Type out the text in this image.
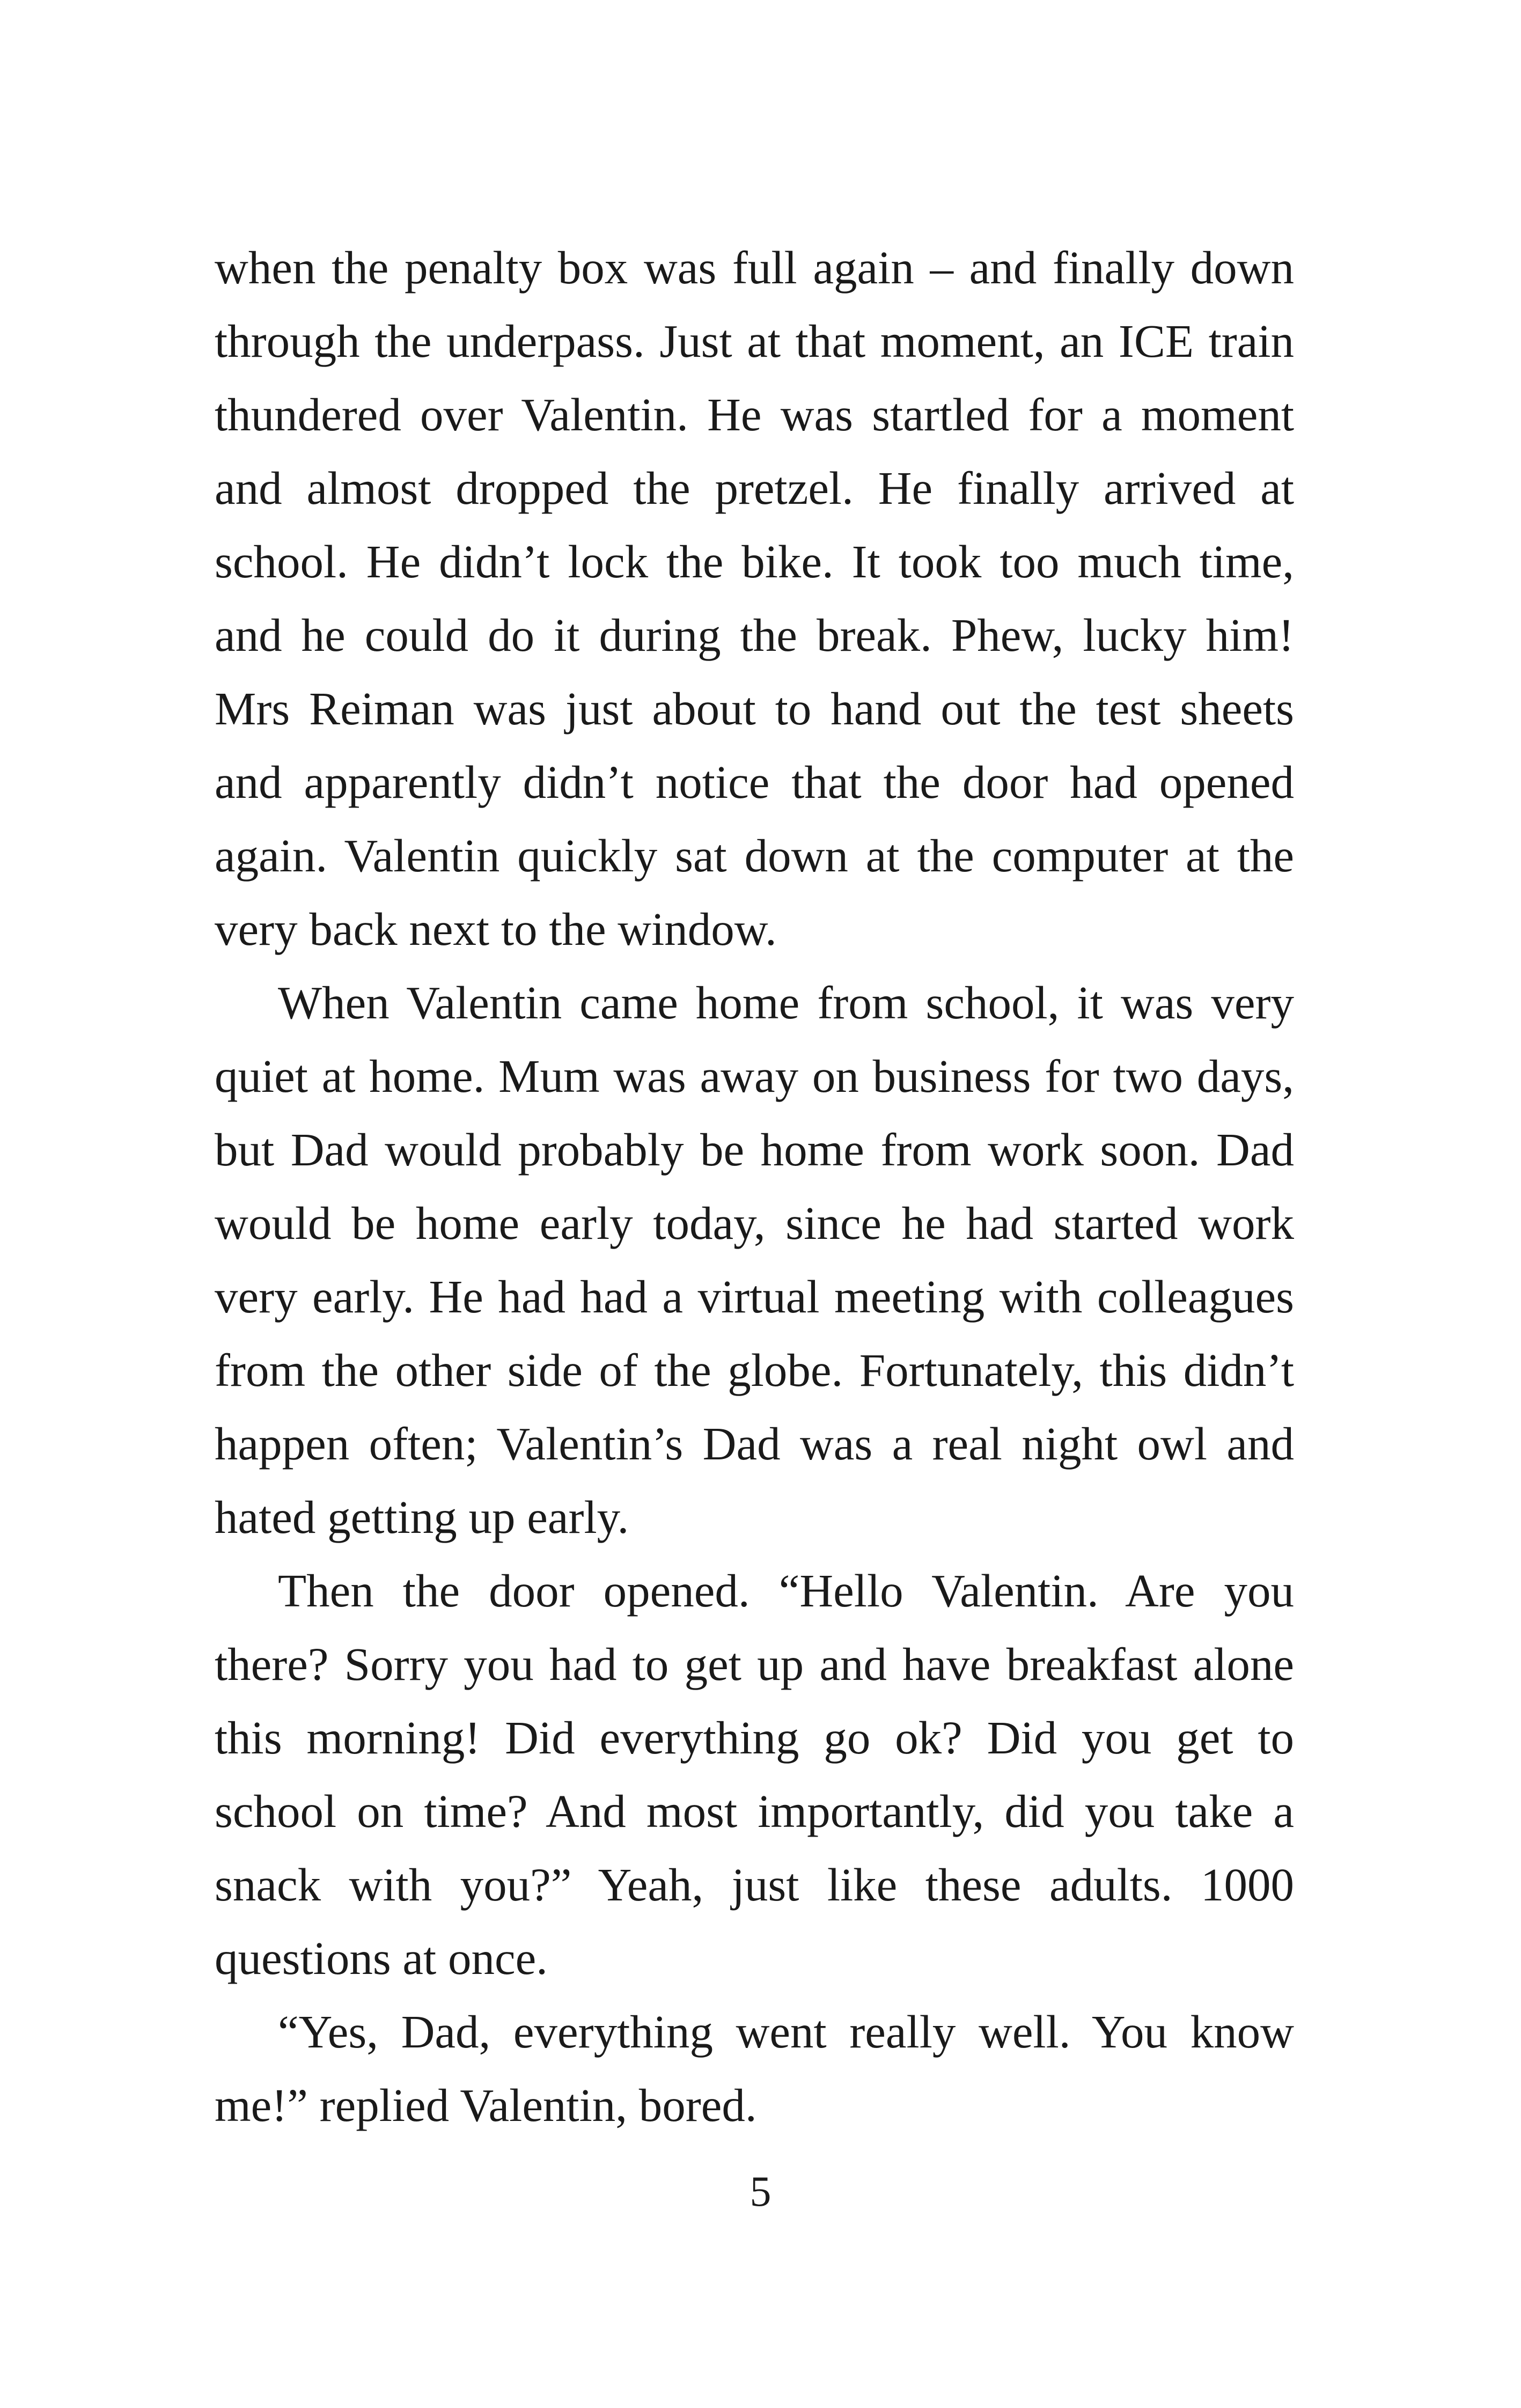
when the penalty box was full again – and finally down through the underpass. Just at that moment, an ICE train thundered over Valentin. He was startled for a moment and almost dropped the pretzel. He finally arrived at school. He didn’t lock the bike. It took too much time, and he could do it during the break. Phew, lucky him! Mrs Reiman was just about to hand out the test sheets and apparently didn’t notice that the door had opened again. Valentin quickly sat down at the computer at the very back next to the window.

When Valentin came home from school, it was very quiet at home. Mum was away on business for two days, but Dad would probably be home from work soon. Dad would be home early today, since he had started work very early. He had had a virtual meeting with colleagues from the other side of the globe. Fortunately, this didn’t happen often; Valentin’s Dad was a real night owl and hated getting up early.

Then the door opened. “Hello Valentin. Are you there? Sorry you had to get up and have breakfast alone this morning! Did everything go ok? Did you get to school on time? And most importantly, did you take a snack with you?” Yeah, just like these adults. 1000 questions at once.

“Yes, Dad, everything went really well. You know me!” replied Valentin, bored.

5
